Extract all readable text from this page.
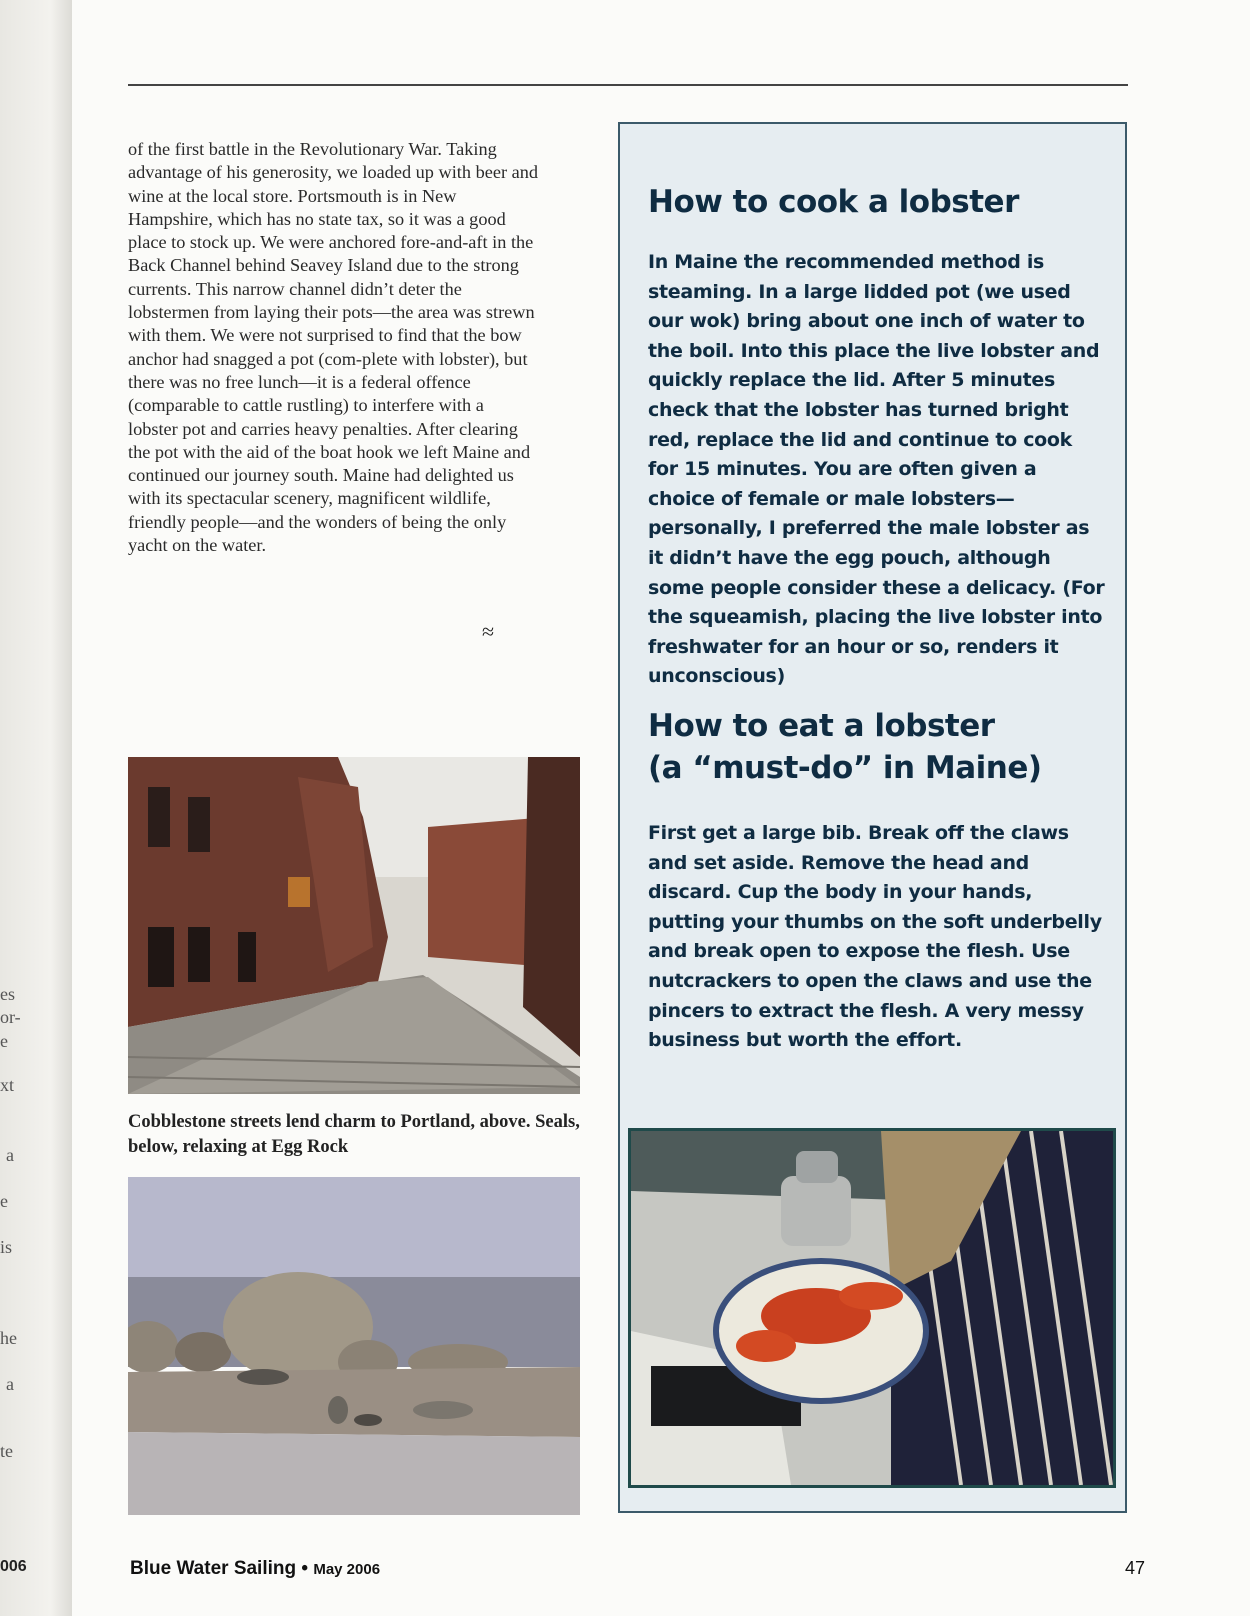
es
or-
e
xt
a
e
is
he
a
te
006

of the first battle in the Revolutionary War. Taking advantage of his generosity, we loaded up with beer and wine at the local store. Portsmouth is in New Hampshire, which has no state tax, so it was a good place to stock up. We were anchored fore-and-aft in the Back Channel behind Seavey Island due to the strong currents. This narrow channel didn’t deter the lobstermen from laying their pots—the area was strewn with them. We were not surprised to find that the bow anchor had snagged a pot (com-plete with lobster), but there was no free lunch—it is a federal offence (comparable to cattle rustling) to interfere with a lobster pot and carries heavy penalties. After clearing the pot with the aid of the boat hook we left Maine and continued our journey south. Maine had delighted us with its spectacular scenery, magnificent wildlife, friendly people—and the wonders of being the only yacht on the water.

≈
Cobblestone streets lend charm to Portland, above. Seals, below, relaxing at Egg Rock
How to cook a lobster

In Maine the recommended method is steaming. In a large lidded pot (we used our wok) bring about one inch of water to the boil. Into this place the live lobster and quickly replace the lid. After 5 minutes check that the lobster has turned bright red, replace the lid and continue to cook for 15 minutes. You are often given a choice of female or male lobsters—personally, I preferred the male lobster as it didn’t have the egg pouch, although some people consider these a delicacy. (For the squeamish, placing the live lobster into freshwater for an hour or so, renders it unconscious)

How to eat a lobster
(a “must-do” in Maine)

First get a large bib. Break off the claws and set aside. Remove the head and discard. Cup the body in your hands, putting your thumbs on the soft underbelly and break open to expose the flesh. Use nutcrackers to open the claws and use the pincers to extract the flesh. A very messy business but worth the effort.

Blue Water Sailing • May 2006	47
